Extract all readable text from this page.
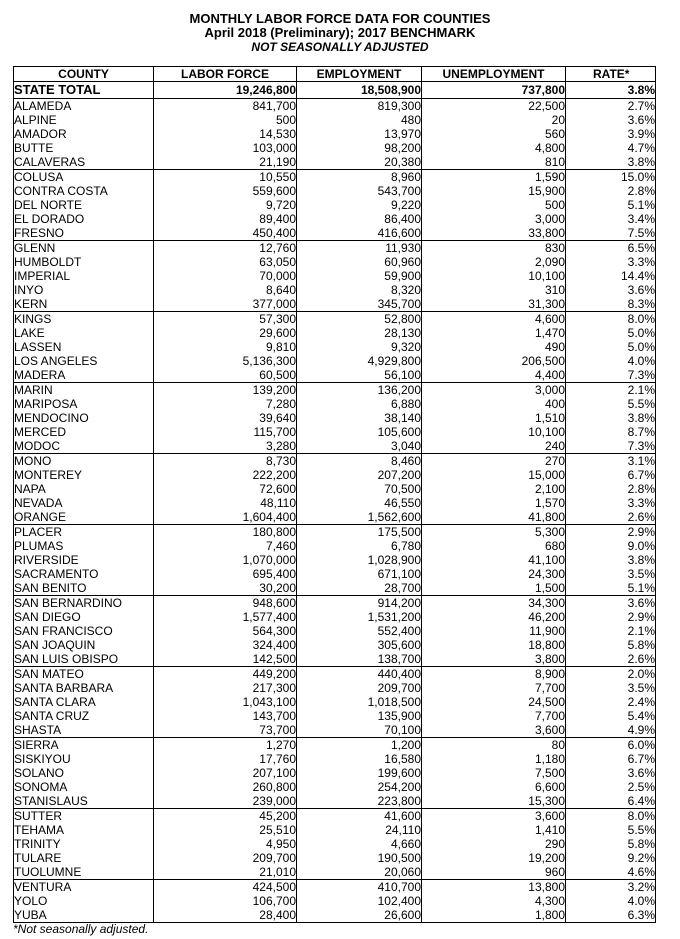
MONTHLY LABOR FORCE DATA FOR COUNTIES
April 2018 (Preliminary); 2017 BENCHMARK
NOT SEASONALLY ADJUSTED
COUNTY	LABOR FORCE	EMPLOYMENT	UNEMPLOYMENT	RATE*
STATE TOTAL	19,246,800	18,508,900	737,800	3.8%
ALAMEDA	841,700	819,300	22,500	2.7%
ALPINE	500	480	20	3.6%
AMADOR	14,530	13,970	560	3.9%
BUTTE	103,000	98,200	4,800	4.7%
CALAVERAS	21,190	20,380	810	3.8%
COLUSA	10,550	8,960	1,590	15.0%
CONTRA COSTA	559,600	543,700	15,900	2.8%
DEL NORTE	9,720	9,220	500	5.1%
EL DORADO	89,400	86,400	3,000	3.4%
FRESNO	450,400	416,600	33,800	7.5%
GLENN	12,760	11,930	830	6.5%
HUMBOLDT	63,050	60,960	2,090	3.3%
IMPERIAL	70,000	59,900	10,100	14.4%
INYO	8,640	8,320	310	3.6%
KERN	377,000	345,700	31,300	8.3%
KINGS	57,300	52,800	4,600	8.0%
LAKE	29,600	28,130	1,470	5.0%
LASSEN	9,810	9,320	490	5.0%
LOS ANGELES	5,136,300	4,929,800	206,500	4.0%
MADERA	60,500	56,100	4,400	7.3%
MARIN	139,200	136,200	3,000	2.1%
MARIPOSA	7,280	6,880	400	5.5%
MENDOCINO	39,640	38,140	1,510	3.8%
MERCED	115,700	105,600	10,100	8.7%
MODOC	3,280	3,040	240	7.3%
MONO	8,730	8,460	270	3.1%
MONTEREY	222,200	207,200	15,000	6.7%
NAPA	72,600	70,500	2,100	2.8%
NEVADA	48,110	46,550	1,570	3.3%
ORANGE	1,604,400	1,562,600	41,800	2.6%
PLACER	180,800	175,500	5,300	2.9%
PLUMAS	7,460	6,780	680	9.0%
RIVERSIDE	1,070,000	1,028,900	41,100	3.8%
SACRAMENTO	695,400	671,100	24,300	3.5%
SAN BENITO	30,200	28,700	1,500	5.1%
SAN BERNARDINO	948,600	914,200	34,300	3.6%
SAN DIEGO	1,577,400	1,531,200	46,200	2.9%
SAN FRANCISCO	564,300	552,400	11,900	2.1%
SAN JOAQUIN	324,400	305,600	18,800	5.8%
SAN LUIS OBISPO	142,500	138,700	3,800	2.6%
SAN MATEO	449,200	440,400	8,900	2.0%
SANTA BARBARA	217,300	209,700	7,700	3.5%
SANTA CLARA	1,043,100	1,018,500	24,500	2.4%
SANTA CRUZ	143,700	135,900	7,700	5.4%
SHASTA	73,700	70,100	3,600	4.9%
SIERRA	1,270	1,200	80	6.0%
SISKIYOU	17,760	16,580	1,180	6.7%
SOLANO	207,100	199,600	7,500	3.6%
SONOMA	260,800	254,200	6,600	2.5%
STANISLAUS	239,000	223,800	15,300	6.4%
SUTTER	45,200	41,600	3,600	8.0%
TEHAMA	25,510	24,110	1,410	5.5%
TRINITY	4,950	4,660	290	5.8%
TULARE	209,700	190,500	19,200	9.2%
TUOLUMNE	21,010	20,060	960	4.6%
VENTURA	424,500	410,700	13,800	3.2%
YOLO	106,700	102,400	4,300	4.0%
YUBA	28,400	26,600	1,800	6.3%
*Not seasonally adjusted.
